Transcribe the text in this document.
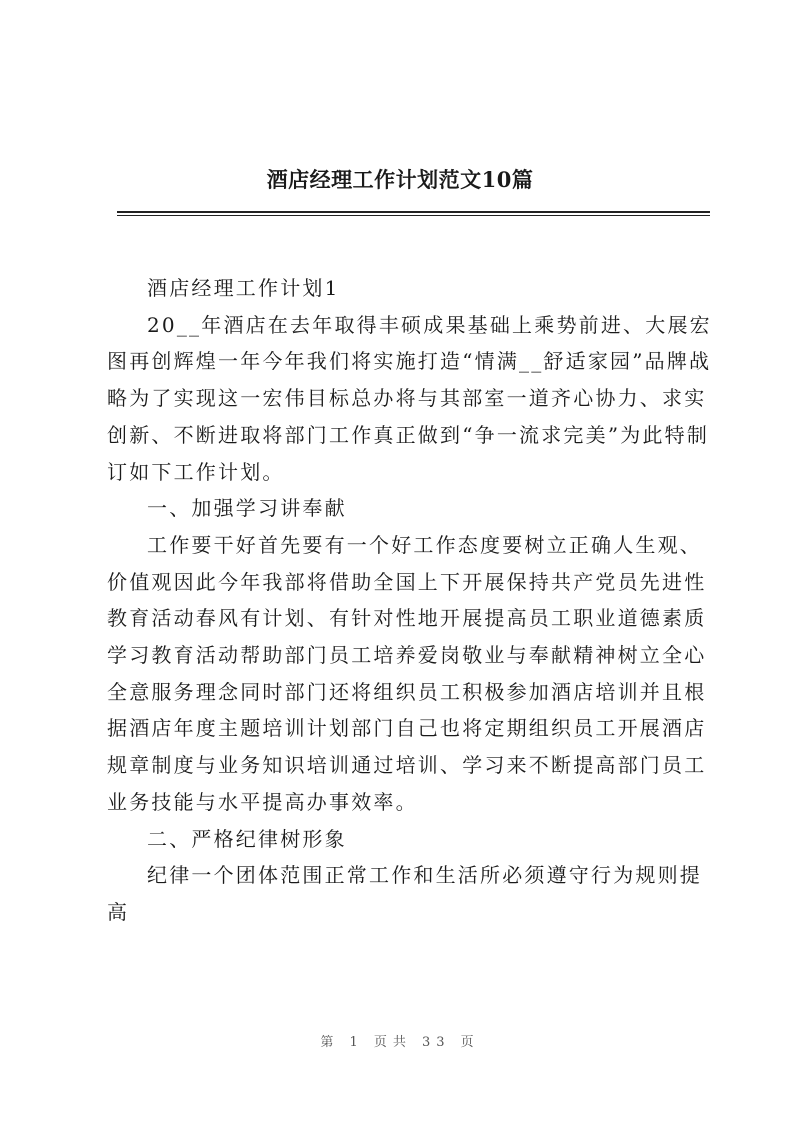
酒店经理工作计划范文10篇

酒店经理工作计划1

20__年酒店在去年取得丰硕成果基础上乘势前进、大展宏图再创辉煌一年今年我们将实施打造“情满__舒适家园”品牌战略为了实现这一宏伟目标总办将与其部室一道齐心协力、求实创新、不断进取将部门工作真正做到“争一流求完美”为此特制订如下工作计划。

一、加强学习讲奉献

工作要干好首先要有一个好工作态度要树立正确人生观、价值观因此今年我部将借助全国上下开展保持共产党员先进性教育活动春风有计划、有针对性地开展提高员工职业道德素质学习教育活动帮助部门员工培养爱岗敬业与奉献精神树立全心全意服务理念同时部门还将组织员工积极参加酒店培训并且根据酒店年度主题培训计划部门自己也将定期组织员工开展酒店规章制度与业务知识培训通过培训、学习来不断提高部门员工业务技能与水平提高办事效率。

二、严格纪律树形象

纪律一个团体范围正常工作和生活所必须遵守行为规则提高

第 1 页共 33 页
